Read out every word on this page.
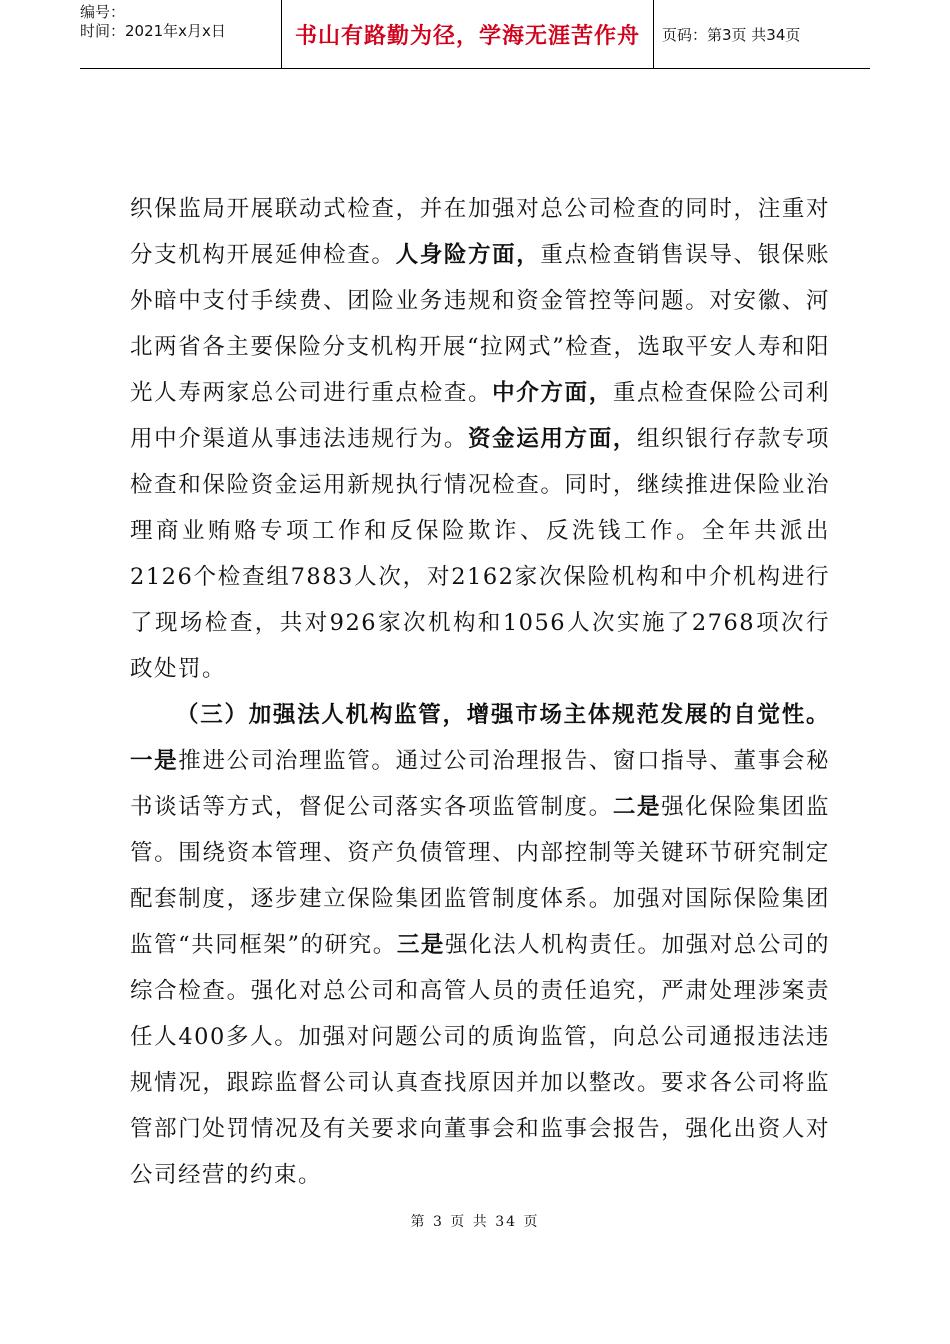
编号：
时间：2021年x月x日	书山有路勤为径，学海无涯苦作舟 页码：第3页 共34页

织保监局开展联动式检查，并在加强对总公司检查的同时，注重对分支机构开展延伸检查。人身险方面，重点检查销售误导、银保账外暗中支付手续费、团险业务违规和资金管控等问题。对安徽、河北两省各主要保险分支机构开展“拉网式”检查，选取平安人寿和阳光人寿两家总公司进行重点检查。中介方面，重点检查保险公司利用中介渠道从事违法违规行为。资金运用方面，组织银行存款专项检查和保险资金运用新规执行情况检查。同时，继续推进保险业治理商业贿赂专项工作和反保险欺诈、反洗钱工作。全年共派出2126个检查组7883人次，对2162家次保险机构和中介机构进行了现场检查，共对926家次机构和1056人次实施了2768项次行政处罚。

（三）加强法人机构监管，增强市场主体规范发展的自觉性。一是推进公司治理监管。通过公司治理报告、窗口指导、董事会秘书谈话等方式，督促公司落实各项监管制度。二是强化保险集团监管。围绕资本管理、资产负债管理、内部控制等关键环节研究制定配套制度，逐步建立保险集团监管制度体系。加强对国际保险集团监管“共同框架”的研究。三是强化法人机构责任。加强对总公司的综合检查。强化对总公司和高管人员的责任追究，严肃处理涉案责任人400多人。加强对问题公司的质询监管，向总公司通报违法违规情况，跟踪监督公司认真查找原因并加以整改。要求各公司将监管部门处罚情况及有关要求向董事会和监事会报告，强化出资人对公司经营的约束。

第 3 页 共 34 页
